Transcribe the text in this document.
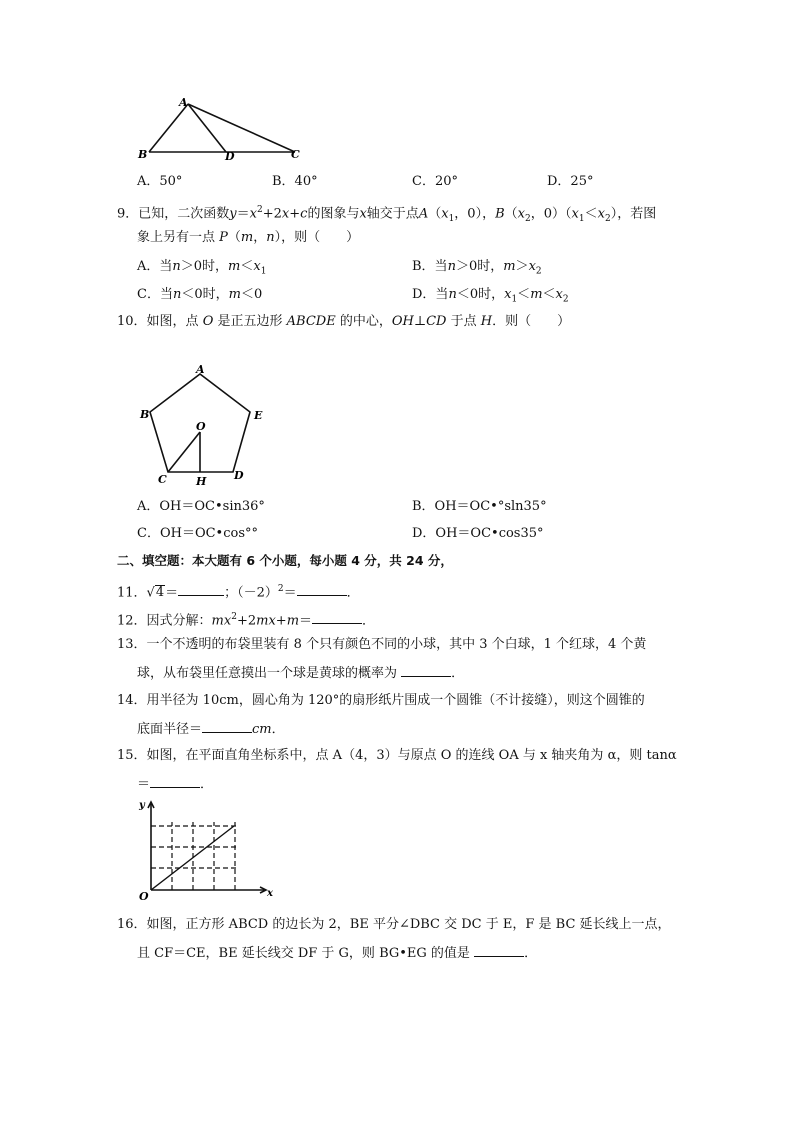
A
B	D	C
A．50°	B．40°	C．20°	D．25°
9．已知，二次函数$y=x^2+2x+c$的图象与x轴交于点$A(x_1$，0），$B(x_2$，$0)(x_1<x_2)$，若图
象上另有一点 P（m，n），则（　　）
A．当n＞0时，$m<x_1$	B．当n＞0时，$m>x_2$
C．当n＜0时，m＜0	D．当n＜0时，$x_1<m<x_2$
10．如图，点 O 是正五边形 ABCDE 的中心，OH⊥CD 于点 H．则（　　）
A
B	E
O
C	H	D
A．OH＝OC•sin36°	B．OH＝OC•°sln35°
C．OH＝OC•cos°°	D．OH＝OC•cos35°
二、填空题：本大题有 6 个小题，每小题 4 分，共 24 分，
11．√4＝	；$(-2)^2=$	．
12．因式分解：$mx^2+2mx+m=$	．
13．一个不透明的布袋里装有 8 个只有颜色不同的小球，其中 3 个白球，1 个红球，4 个黄
球，从布袋里任意摸出一个球是黄球的概率为	．
14．用半径为 10cm，圆心角为 120°的扇形纸片围成一个圆锥（不计接缝），则这个圆锥的
底面半径＝	cm．
15．如图，在平面直角坐标系中，点 A（4，3）与原点 O 的连线 OA 与 x 轴夹角为 α，则 tanα
＝	．
y
x
O
16．如图，正方形 ABCD 的边长为 2，BE 平分∠DBC 交 DC 于 E，F 是 BC 延长线上一点，
且 CF＝CE，BE 延长线交 DF 于 G，则 BG•EG 的值是	．
